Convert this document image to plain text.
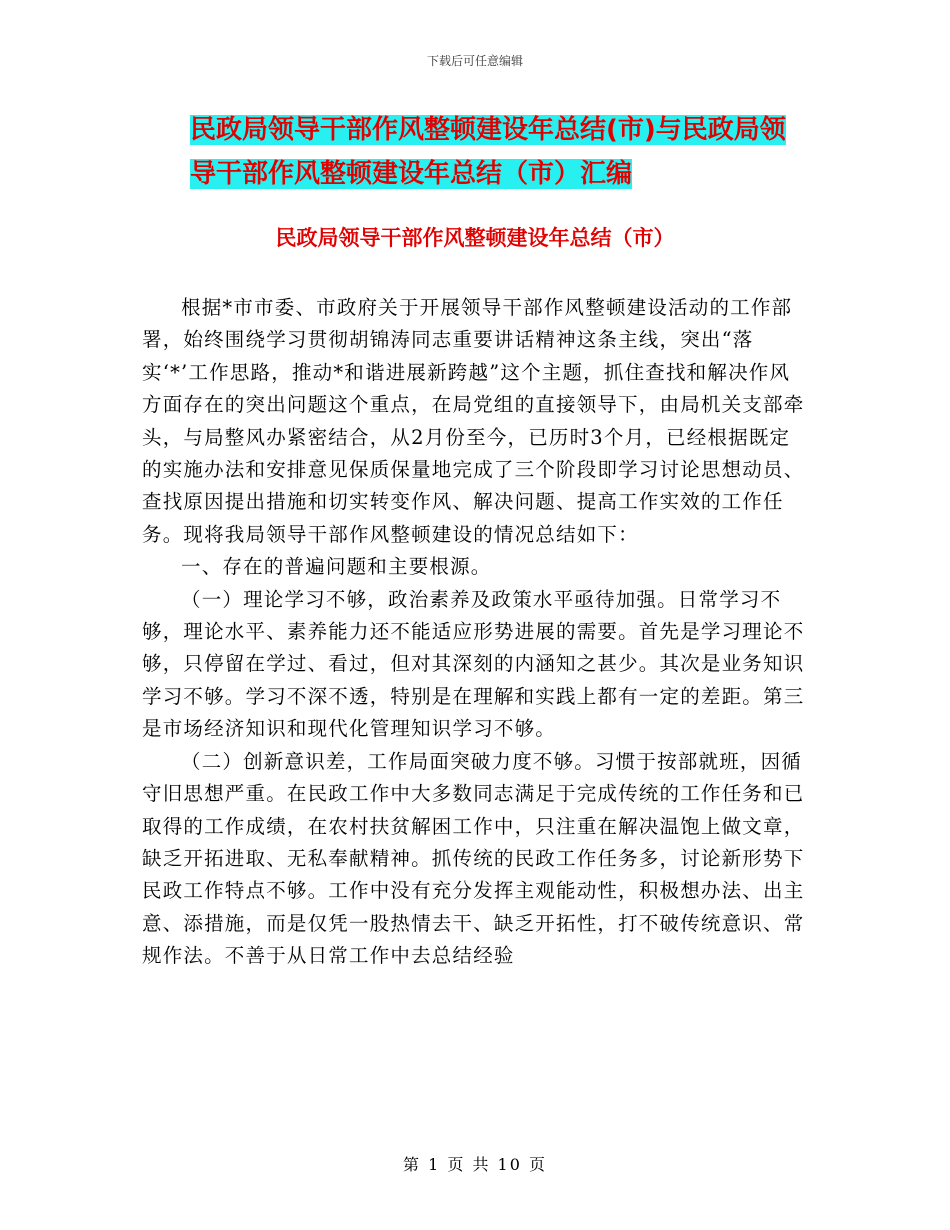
下载后可任意编辑
民政局领导干部作风整顿建设年总结(市)与民政局领
导干部作风整顿建设年总结（市）汇编
民政局领导干部作风整顿建设年总结（市）

根据*市市委、市政府关于开展领导干部作风整顿建设活动的工作部署，始终围绕学习贯彻胡锦涛同志重要讲话精神这条主线，突出“落实‘*’工作思路，推动*和谐进展新跨越”这个主题，抓住查找和解决作风方面存在的突出问题这个重点，在局党组的直接领导下，由局机关支部牵头，与局整风办紧密结合，从2月份至今，已历时3个月，已经根据既定的实施办法和安排意见保质保量地完成了三个阶段即学习讨论思想动员、查找原因提出措施和切实转变作风、解决问题、提高工作实效的工作任务。现将我局领导干部作风整顿建设的情况总结如下：

一、存在的普遍问题和主要根源。

（一）理论学习不够，政治素养及政策水平亟待加强。日常学习不够，理论水平、素养能力还不能适应形势进展的需要。首先是学习理论不够，只停留在学过、看过，但对其深刻的内涵知之甚少。其次是业务知识学习不够。学习不深不透，特别是在理解和实践上都有一定的差距。第三是市场经济知识和现代化管理知识学习不够。

（二）创新意识差，工作局面突破力度不够。习惯于按部就班，因循守旧思想严重。在民政工作中大多数同志满足于完成传统的工作任务和已取得的工作成绩，在农村扶贫解困工作中，只注重在解决温饱上做文章，缺乏开拓进取、无私奉献精神。抓传统的民政工作任务多，讨论新形势下民政工作特点不够。工作中没有充分发挥主观能动性，积极想办法、出主意、添措施，而是仅凭一股热情去干、缺乏开拓性，打不破传统意识、常规作法。不善于从日常工作中去总结经验

第 1 页 共 10 页
